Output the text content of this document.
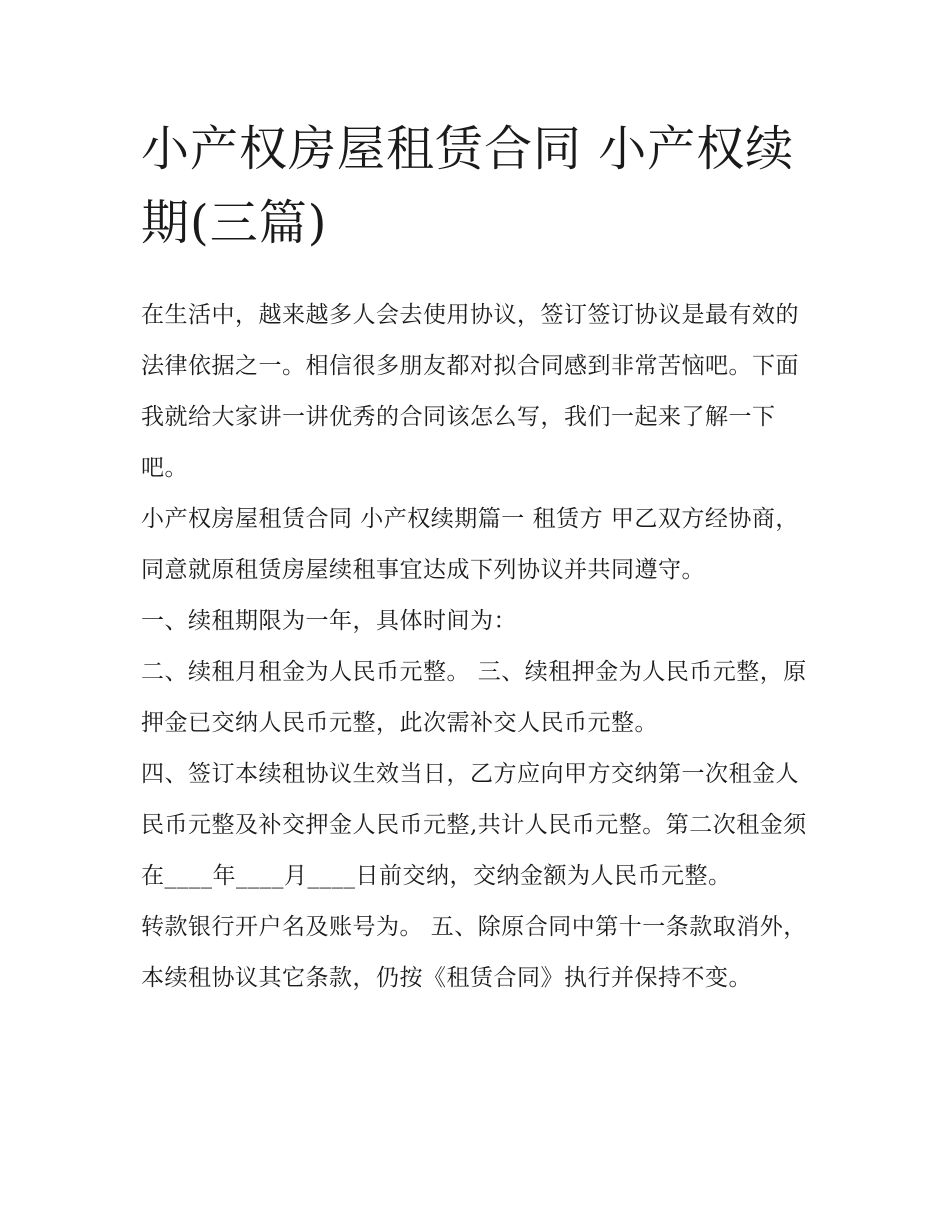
小产权房屋租赁合同 小产权续期(三篇)

在生活中，越来越多人会去使用协议，签订签订协议是最有效的法律依据之一。相信很多朋友都对拟合同感到非常苦恼吧。下面我就给大家讲一讲优秀的合同该怎么写，我们一起来了解一下吧。

小产权房屋租赁合同 小产权续期篇一 租赁方 甲乙双方经协商，同意就原租赁房屋续租事宜达成下列协议并共同遵守。

一、续租期限为一年，具体时间为：

二、续租月租金为人民币元整。 三、续租押金为人民币元整，原押金已交纳人民币元整，此次需补交人民币元整。

四、签订本续租协议生效当日，乙方应向甲方交纳第一次租金人民币元整及补交押金人民币元整,共计人民币元整。第二次租金须在____年____月____日前交纳，交纳金额为人民币元整。

转款银行开户名及账号为。 五、除原合同中第十一条款取消外，本续租协议其它条款，仍按《租赁合同》执行并保持不变。
